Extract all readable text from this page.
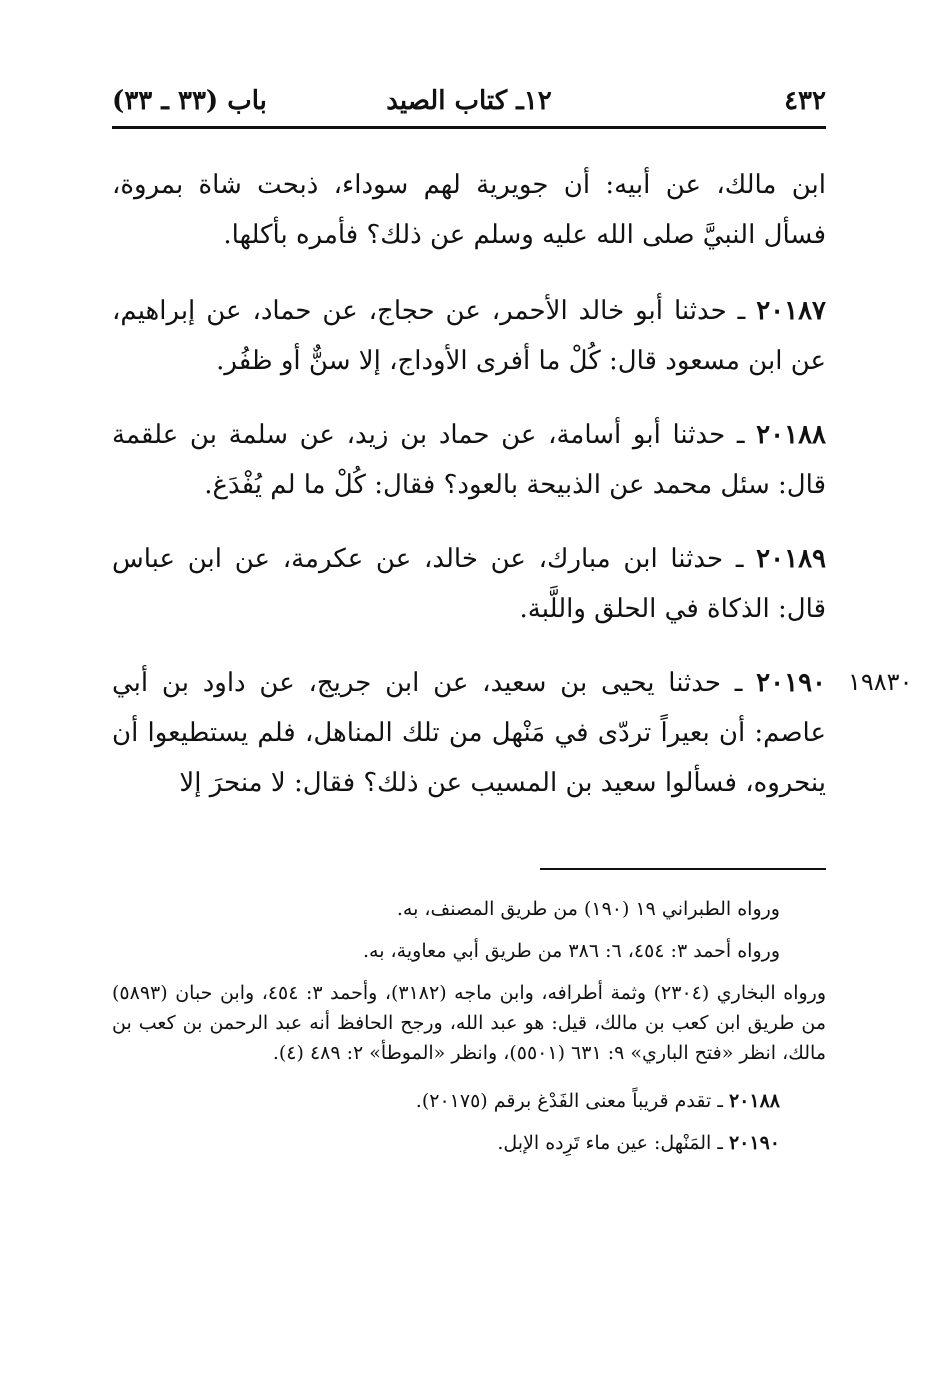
٤٣٢
١٢ـ كتاب الصيد
باب (٣٣ ـ ٣٣)
١٩٨٣٠

ابن مالك، عن أبيه: أن جويرية لهم سوداء، ذبحت شاة بمروة، فسأل النبيَّ صلى الله عليه وسلم عن ذلك؟ فأمره بأكلها.

٢٠١٨٧ ـ حدثنا أبو خالد الأحمر، عن حجاج، عن حماد، عن إبراهيم، عن ابن مسعود قال: كُلْ ما أفرى الأوداج، إلا سنٌّ أو ظفُر.

٢٠١٨٨ ـ حدثنا أبو أسامة، عن حماد بن زيد، عن سلمة بن علقمة قال: سئل محمد عن الذبيحة بالعود؟ فقال: كُلْ ما لم يُفْدَغ.

٢٠١٨٩ ـ حدثنا ابن مبارك، عن خالد، عن عكرمة، عن ابن عباس قال: الذكاة في الحلق واللَّبة.

٢٠١٩٠ ـ حدثنا يحيى بن سعيد، عن ابن جريج، عن داود بن أبي عاصم: أن بعيراً تردّى في مَنْهل من تلك المناهل، فلم يستطيعوا أن ينحروه، فسألوا سعيد بن المسيب عن ذلك؟ فقال: لا منحرَ إلا

ورواه الطبراني ١٩ (١٩٠) من طريق المصنف، به.

ورواه أحمد ٣: ٤٥٤، ٦: ٣٨٦ من طريق أبي معاوية، به.

ورواه البخاري (٢٣٠٤) وثمة أطرافه، وابن ماجه (٣١٨٢)، وأحمد ٣: ٤٥٤، وابن حبان (٥٨٩٣) من طريق ابن كعب بن مالك، قيل: هو عبد الله، ورجح الحافظ أنه عبد الرحمن بن كعب بن مالك، انظر «فتح الباري» ٩: ٦٣١ (٥٥٠١)، وانظر «الموطأ» ٢: ٤٨٩ (٤).

٢٠١٨٨ ـ تقدم قريباً معنى الفَدْغ برقم (٢٠١٧٥).

٢٠١٩٠ ـ المَنْهل: عين ماء تَرِده الإبل.
